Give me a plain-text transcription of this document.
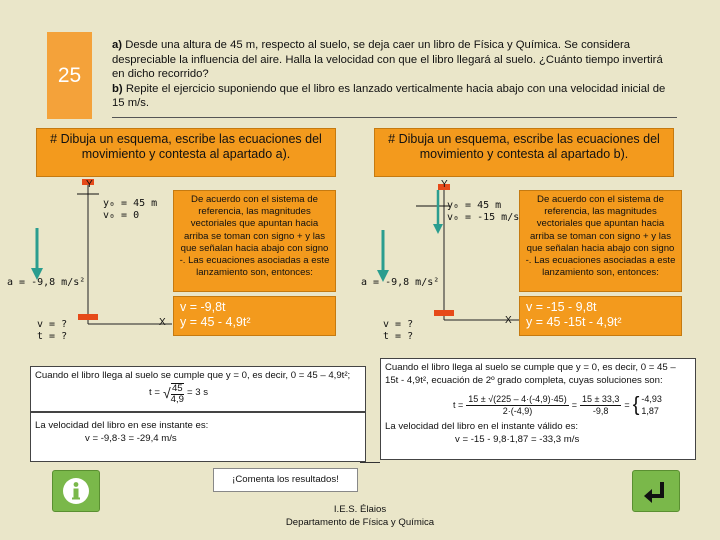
25
a) Desde una altura de 45 m, respecto al suelo, se deja caer un libro de Física y Química. Se considera despreciable la influencia del aire. Halla la velocidad con que el libro llegará al suelo. ¿Cuánto tiempo invertirá en dicho recorrido?
b) Repite el ejercicio suponiendo que el libro es lanzado verticalmente hacia abajo con una velocidad inicial de 15 m/s.
# Dibuja un esquema, escribe las ecuaciones del movimiento y contesta al apartado a).
Y
X
y₀ = 45 m
v₀ = 0
a = -9,8 m/s²
v = ?
t = ?
De acuerdo con el sistema de referencia, las magnitudes vectoriales que apuntan hacia arriba se toman con signo + y las que señalan hacia abajo con signo -. Las ecuaciones asociadas a este lanzamiento son, entonces:
v = -9,8t
y = 45 - 4,9t²
Cuando el libro llega al suelo se cumple que y = 0, es decir, 0 = 45 – 4,9t²;
t = √ $\frac{45}{4,9} = 3$ s
La velocidad del libro en ese instante es:
v = -9,8·3 = -29,4 m/s
# Dibuja un esquema, escribe las ecuaciones del movimiento y contesta al apartado b).
Y
X
y₀ = 45 m
v₀ = -15 m/s
a = -9,8 m/s²
v = ?
t = ?
De acuerdo con el sistema de referencia, las magnitudes vectoriales que apuntan hacia arriba se toman con signo + y las que señalan hacia abajo con signo -. Las ecuaciones asociadas a este lanzamiento son, entonces:
v = -15 - 9,8t
y = 45 -15t - 4,9t²
Cuando el libro llega al suelo se cumple que y = 0, es decir, 0 = 45 – 15t - 4,9t², ecuación de 2º grado completa, cuyas soluciones son:
$t = \frac{15 \pm √(225 - 4\cdot(-4,9)\cdot 45)}{2\cdot(-4,9)} = \frac{15 \pm 33,3}{-9,8}$ = { -4,93
1,87
La velocidad del libro en el instante válido es:
v = -15 - 9,8·1,87 = -33,3 m/s
¡Comenta los resultados!
I.E.S. Élaios
Departamento de Física y Química
